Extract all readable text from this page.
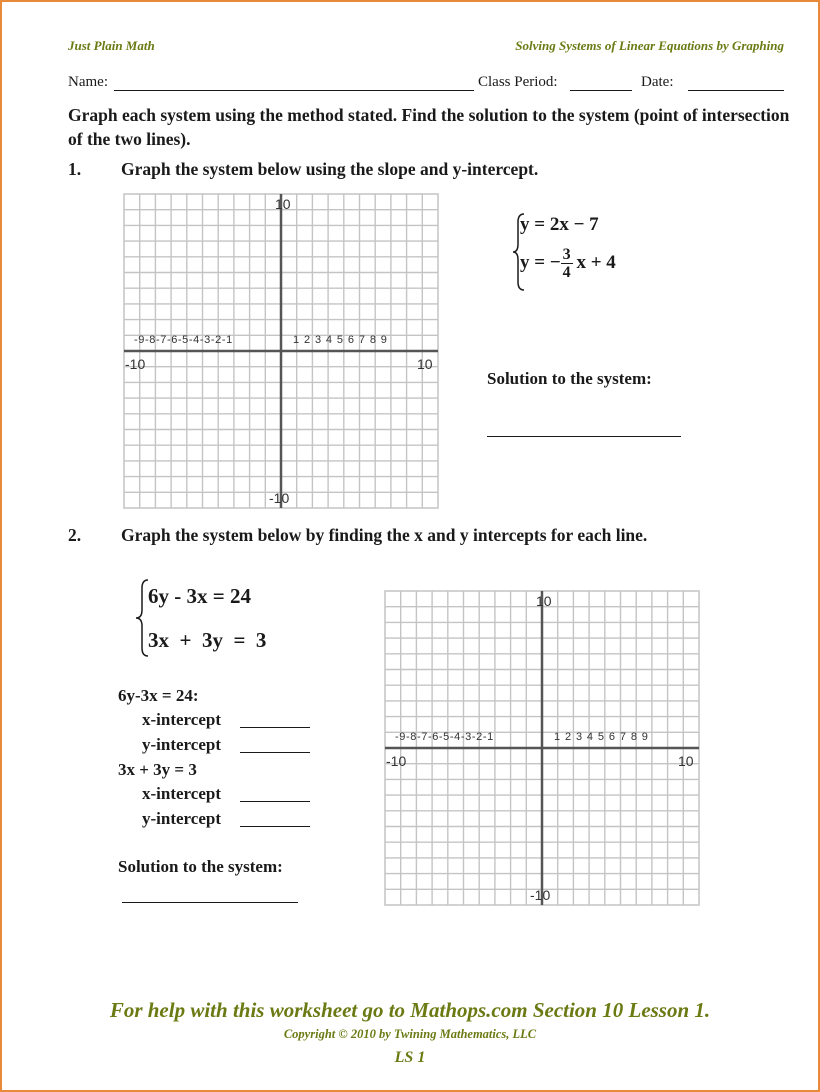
Just Plain Math	Solving Systems of Linear Equations by Graphing
Name:	Class Period:	Date:
Graph each system using the method stated. Find the solution to the system (point of intersection of the two lines).
1. Graph the system below using the slope and y-intercept.
10
-10
-10	10
-9-8-7-6-5-4-3-2-1	1 2 3 4 5 6 7 8 9
y = 2x − 7
y = − $\frac{3}{4}$
  x + 4
Solution to the system:
2. Graph the system below by finding the x and y intercepts for each line.
6y - 3x = 24
3x  +  3y  =  3
6y-3x = 24:
x-intercept
y-intercept
3x + 3y = 3
x-intercept
y-intercept
Solution to the system:
10
-10
-10	10
-9-8-7-6-5-4-3-2-1	1 2 3 4 5 6 7 8 9
For help with this worksheet go to Mathops.com Section 10 Lesson 1.
Copyright © 2010 by Twining Mathematics, LLC
LS 1
